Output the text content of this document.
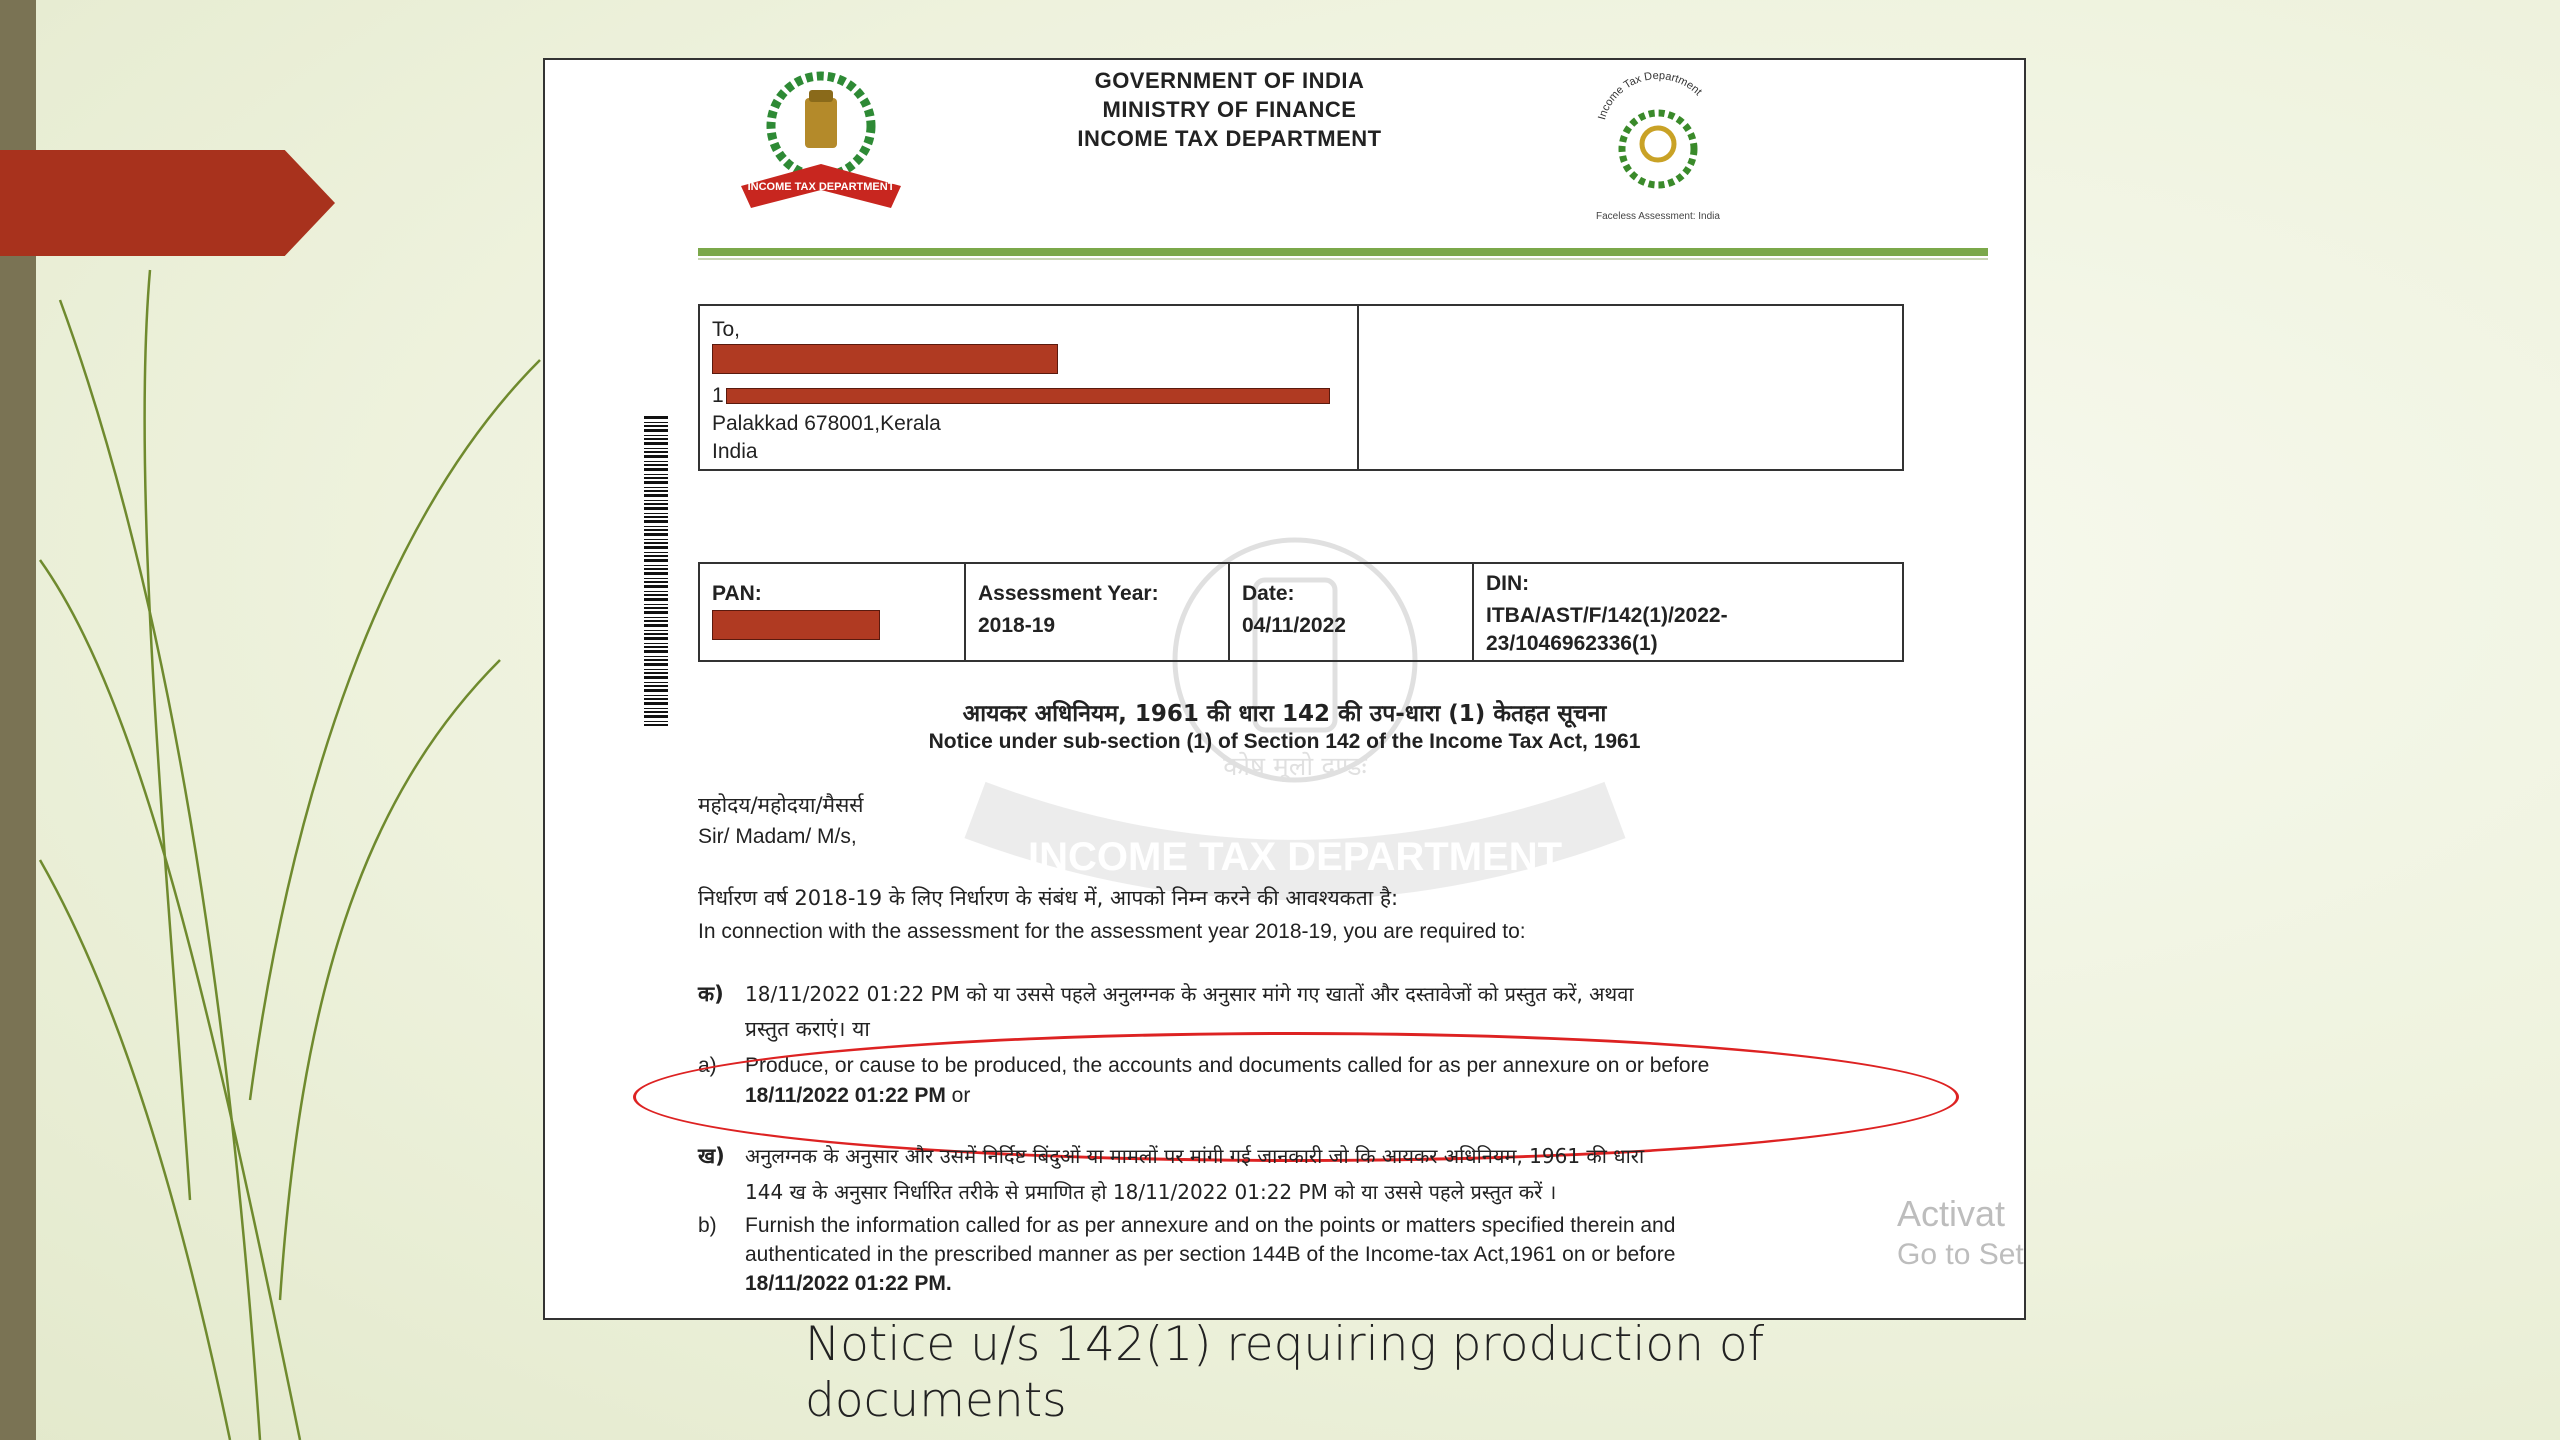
INCOME TAX DEPARTMENT
GOVERNMENT OF INDIA
MINISTRY OF FINANCE
INCOME TAX DEPARTMENT
Income Tax Department
Faceless Assessment: India
To,
1
Palakkad 678001,Kerala
India
कोष मूलो दण्डः
INCOME TAX DEPARTMENT
PAN:	Assessment Year:
2018-19
Date:
04/11/2022
DIN:
ITBA/AST/F/142(1)/2022-
23/1046962336(1)
आयकर अधिनियम, 1961 की धारा 142 की उप-धारा (1) केतहत सूचना
Notice under sub-section (1) of Section 142 of the Income Tax Act, 1961
महोदय/महोदया/मैसर्स
Sir/ Madam/ M/s,
निर्धारण वर्ष 2018-19 के लिए निर्धारण के संबंध में, आपको निम्न करने की आवश्यकता है:
In connection with the assessment for the assessment year 2018-19, you are required to:
क) 18/11/2022 01:22 PM को या उससे पहले अनुलग्नक के अनुसार मांगे गए खातों और दस्तावेजों को प्रस्तुत करें, अथवा
प्रस्तुत कराएं। या
a) Produce, or cause to be produced, the accounts and documents called for as per annexure on or before
18/11/2022 01:22 PM or
ख) अनुलग्नक के अनुसार और उसमें निर्दिष्ट बिंदुओं या मामलों पर मांगी गई जानकारी जो कि आयकर अधिनियम, 1961 की धारा
144 ख के अनुसार निर्धारित तरीके से प्रमाणित हो 18/11/2022 01:22 PM को या उससे पहले प्रस्तुत करें ।
b) Furnish the information called for as per annexure and on the points or matters specified therein and
authenticated in the prescribed manner as per section 144B of the Income-tax Act,1961 on or before
18/11/2022 01:22 PM.
Activat
Go to Set
Notice u/s 142(1) requiring production of
documents
